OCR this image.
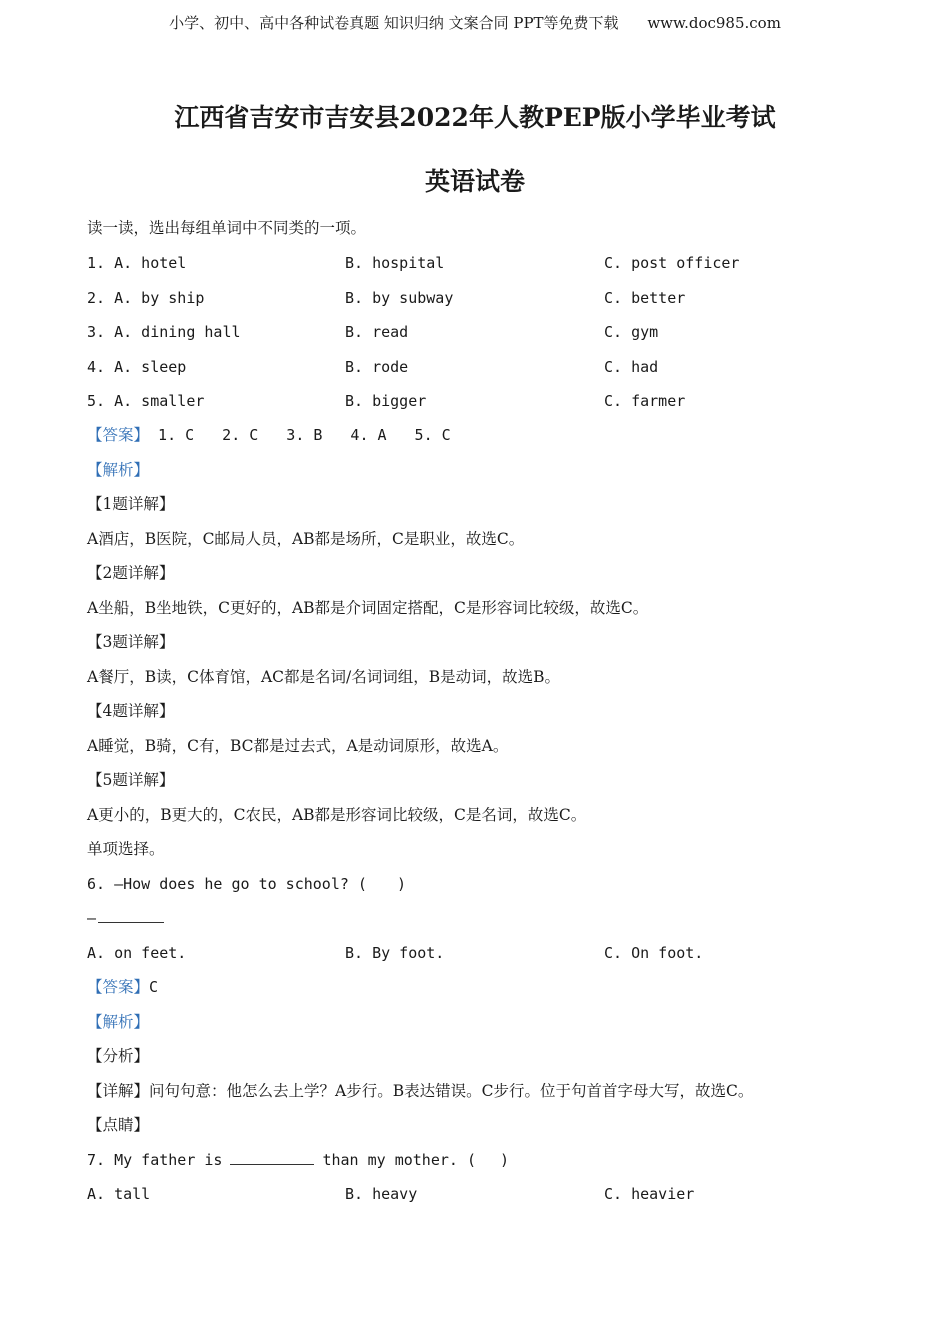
小学、初中、高中各种试卷真题 知识归纳 文案合同 PPT等免费下载 www.doc985.com
江西省吉安市吉安县2022年人教PEP版小学毕业考试
英语试卷
读一读，选出每组单词中不同类的一项。
1. A. hotel	B. hospital	C. post officer
2. A. by ship	B. by subway	C. better
3. A. dining hall	B. read	C. gym
4. A. sleep	B. rode	C. had
5. A. smaller	B. bigger	C. farmer
【答案】 1. C 2. C 3. B 4. A 5. C
【解析】
【1题详解】
A酒店，B医院，C邮局人员，AB都是场所，C是职业，故选C。
【2题详解】
A坐船，B坐地铁，C更好的，AB都是介词固定搭配，C是形容词比较级，故选C。
【3题详解】
A餐厅，B读，C体育馆，AC都是名词/名词词组，B是动词，故选B。
【4题详解】
A睡觉，B骑，C有，BC都是过去式，A是动词原形，故选A。
【5题详解】
A更小的，B更大的，C农民，AB都是形容词比较级，C是名词，故选C。
单项选择。
6. —How does he go to school? (　　)
—
A. on feet.	B. By foot.	C. On foot.
【答案】C
【解析】
【分析】
【详解】问句句意：他怎么去上学？A步行。B表达错误。C步行。位于句首首字母大写，故选C。
【点睛】
7. My father is	than my mother. (　 )
A. tall	B. heavy	C. heavier
